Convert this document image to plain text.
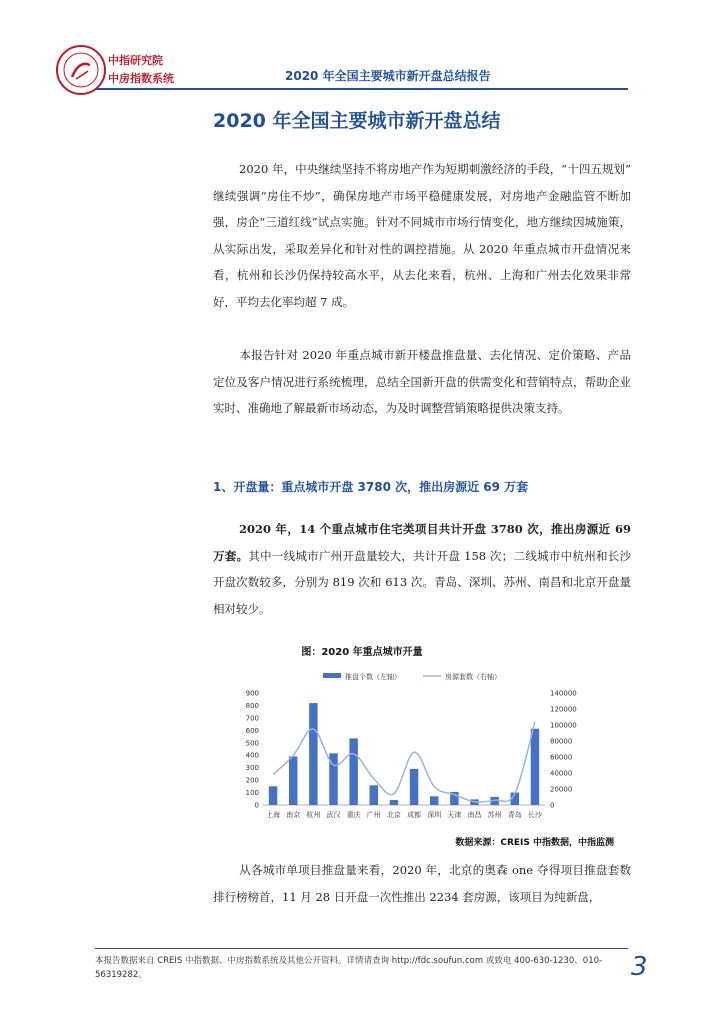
中指研究院
中房指数系统	2020 年全国主要城市新开盘总结报告
2020 年全国主要城市新开盘总结
2020 年，中央继续坚持不将房地产作为短期刺激经济的手段，“十四五规划” 继续强调“房住不炒”，确保房地产市场平稳健康发展，对房地产金融监管不断加强，房企“三道红线”试点实施。针对不同城市市场行情变化，地方继续因城施策，从实际出发，采取差异化和针对性的调控措施。从 2020 年重点城市开盘情况来看，杭州和长沙仍保持较高水平，从去化来看，杭州、上海和广州去化效果非常好，平均去化率均超 7 成。
本报告针对 2020 年重点城市新开楼盘推盘量、去化情况、定价策略、产品定位及客户情况进行系统梳理，总结全国新开盘的供需变化和营销特点，帮助企业实时、准确地了解最新市场动态，为及时调整营销策略提供决策支持。
1、开盘量：重点城市开盘 3780 次，推出房源近 69 万套
2020 年，14 个重点城市住宅类项目共计开盘 3780 次，推出房源近 69 万套。其中一线城市广州开盘量较大，共计开盘 158 次；二线城市中杭州和长沙开盘次数较多，分别为 819 次和 613 次。青岛、深圳、苏州、南昌和北京开盘量相对较少。
图：2020 年重点城市开量
推盘个数（左轴）	房源套数（右轴）
0
100
200
300
400
500
600
700
800
900
0
20000
40000
60000
80000
100000
120000
140000
上海 南京 杭州 武汉 重庆 广州 北京 成都 深圳 天津 南昌 苏州 青岛 长沙
数据来源：CREIS 中指数据，中指监测
从各城市单项目推盘量来看，2020 年，北京的奥森 one 夺得项目推盘套数排行榜榜首，11 月 28 日开盘一次性推出 2234 套房源，该项目为纯新盘，
本报告数据来自 CREIS 中指数据、中房指数系统及其他公开资料。详情请查询 http://fdc.soufun.com 或致电 400-630-1230、010-56319282。	3
